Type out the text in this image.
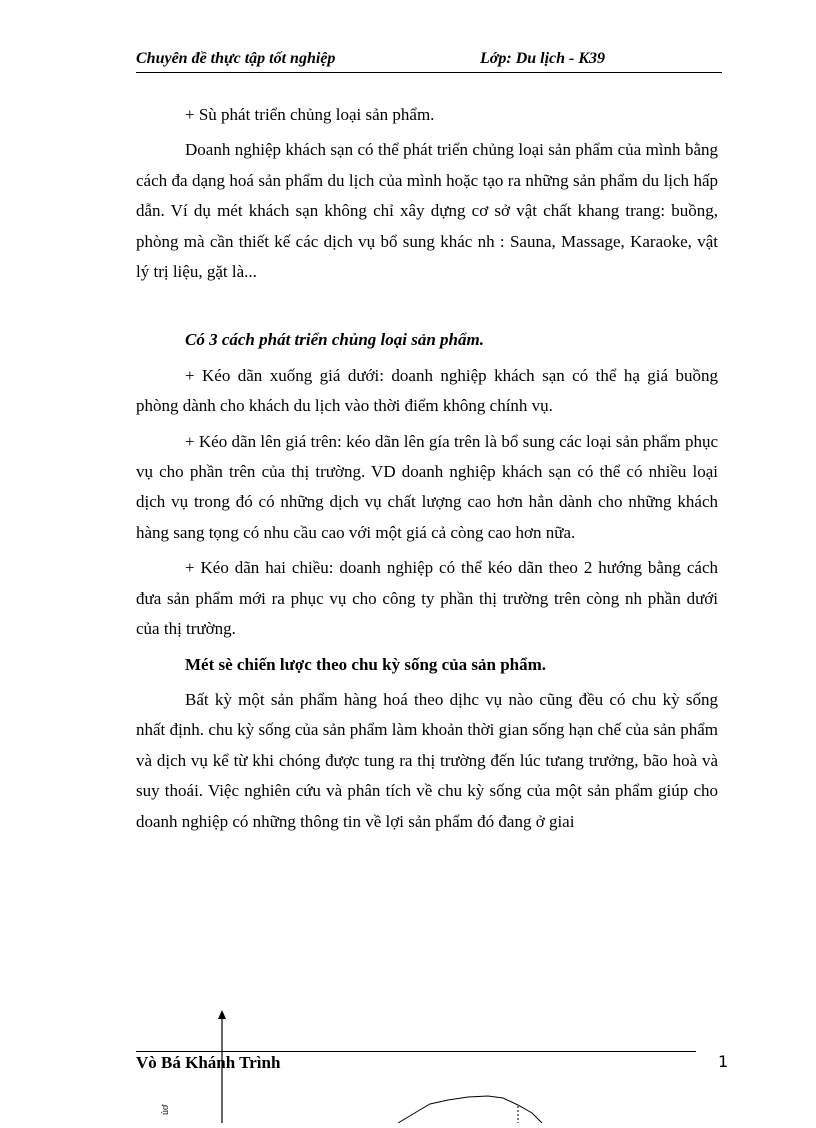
Chuyên đề thực tập tốt nghiệp	Lớp: Du lịch - K39

+ Sù phát triển chủng loại sản phẩm.

Doanh nghiệp khách sạn có thể phát triển chủng loại sản phẩm của mình bằng cách đa dạng hoá sản phẩm du lịch của mình hoặc tạo ra những sản phẩm du lịch hấp dẫn. Ví dụ mét khách sạn không chỉ xây dựng cơ sở vật chất khang trang: buồng, phòng mà cần thiết kế các dịch vụ bổ sung khác nh : Sauna, Massage, Karaoke, vật lý trị liệu, gặt là...

Có 3 cách phát triển chủng loại sản phẩm.

+ Kéo dãn xuống giá dưới: doanh nghiệp khách sạn có thể hạ giá buồng phòng dành cho khách du lịch vào thời điểm không chính vụ.

+ Kéo dãn lên giá trên: kéo dãn lên gía trên là bổ sung các loại sản phẩm phục vụ cho phần trên của thị trường. VD doanh nghiệp khách sạn có thể có nhiều loại dịch vụ trong đó có những dịch vụ chất lượng cao hơn hẳn dành cho những khách hàng sang tọng có nhu cầu cao với một giá cả còng cao hơn nữa.

+ Kéo dãn hai chiều: doanh nghiệp có thể kéo dãn theo 2 hướng bằng cách đưa sản phẩm mới ra phục vụ cho công ty phần thị trường trên còng nh phần dưới của thị trường.

Mét sè chiến lược theo chu kỳ sống của sản phẩm.

Bất kỳ một sản phẩm hàng hoá theo dịhc vụ nào cũng đều có chu kỳ sống nhất định. chu kỳ sống của sản phẩm làm khoản thời gian sống hạn chế của sản phẩm và dịch vụ kể từ khi chóng được tung ra thị trường đến lúc tưang trưởng, bão hoà và suy thoái. Việc nghiên cứu và phân tích về chu kỳ sống của một sản phẩm giúp cho doanh nghiệp có những thông tin về lợi sản phẩm đó đang ở giai

ủơ
Vò Bá Khánh Trình	1
